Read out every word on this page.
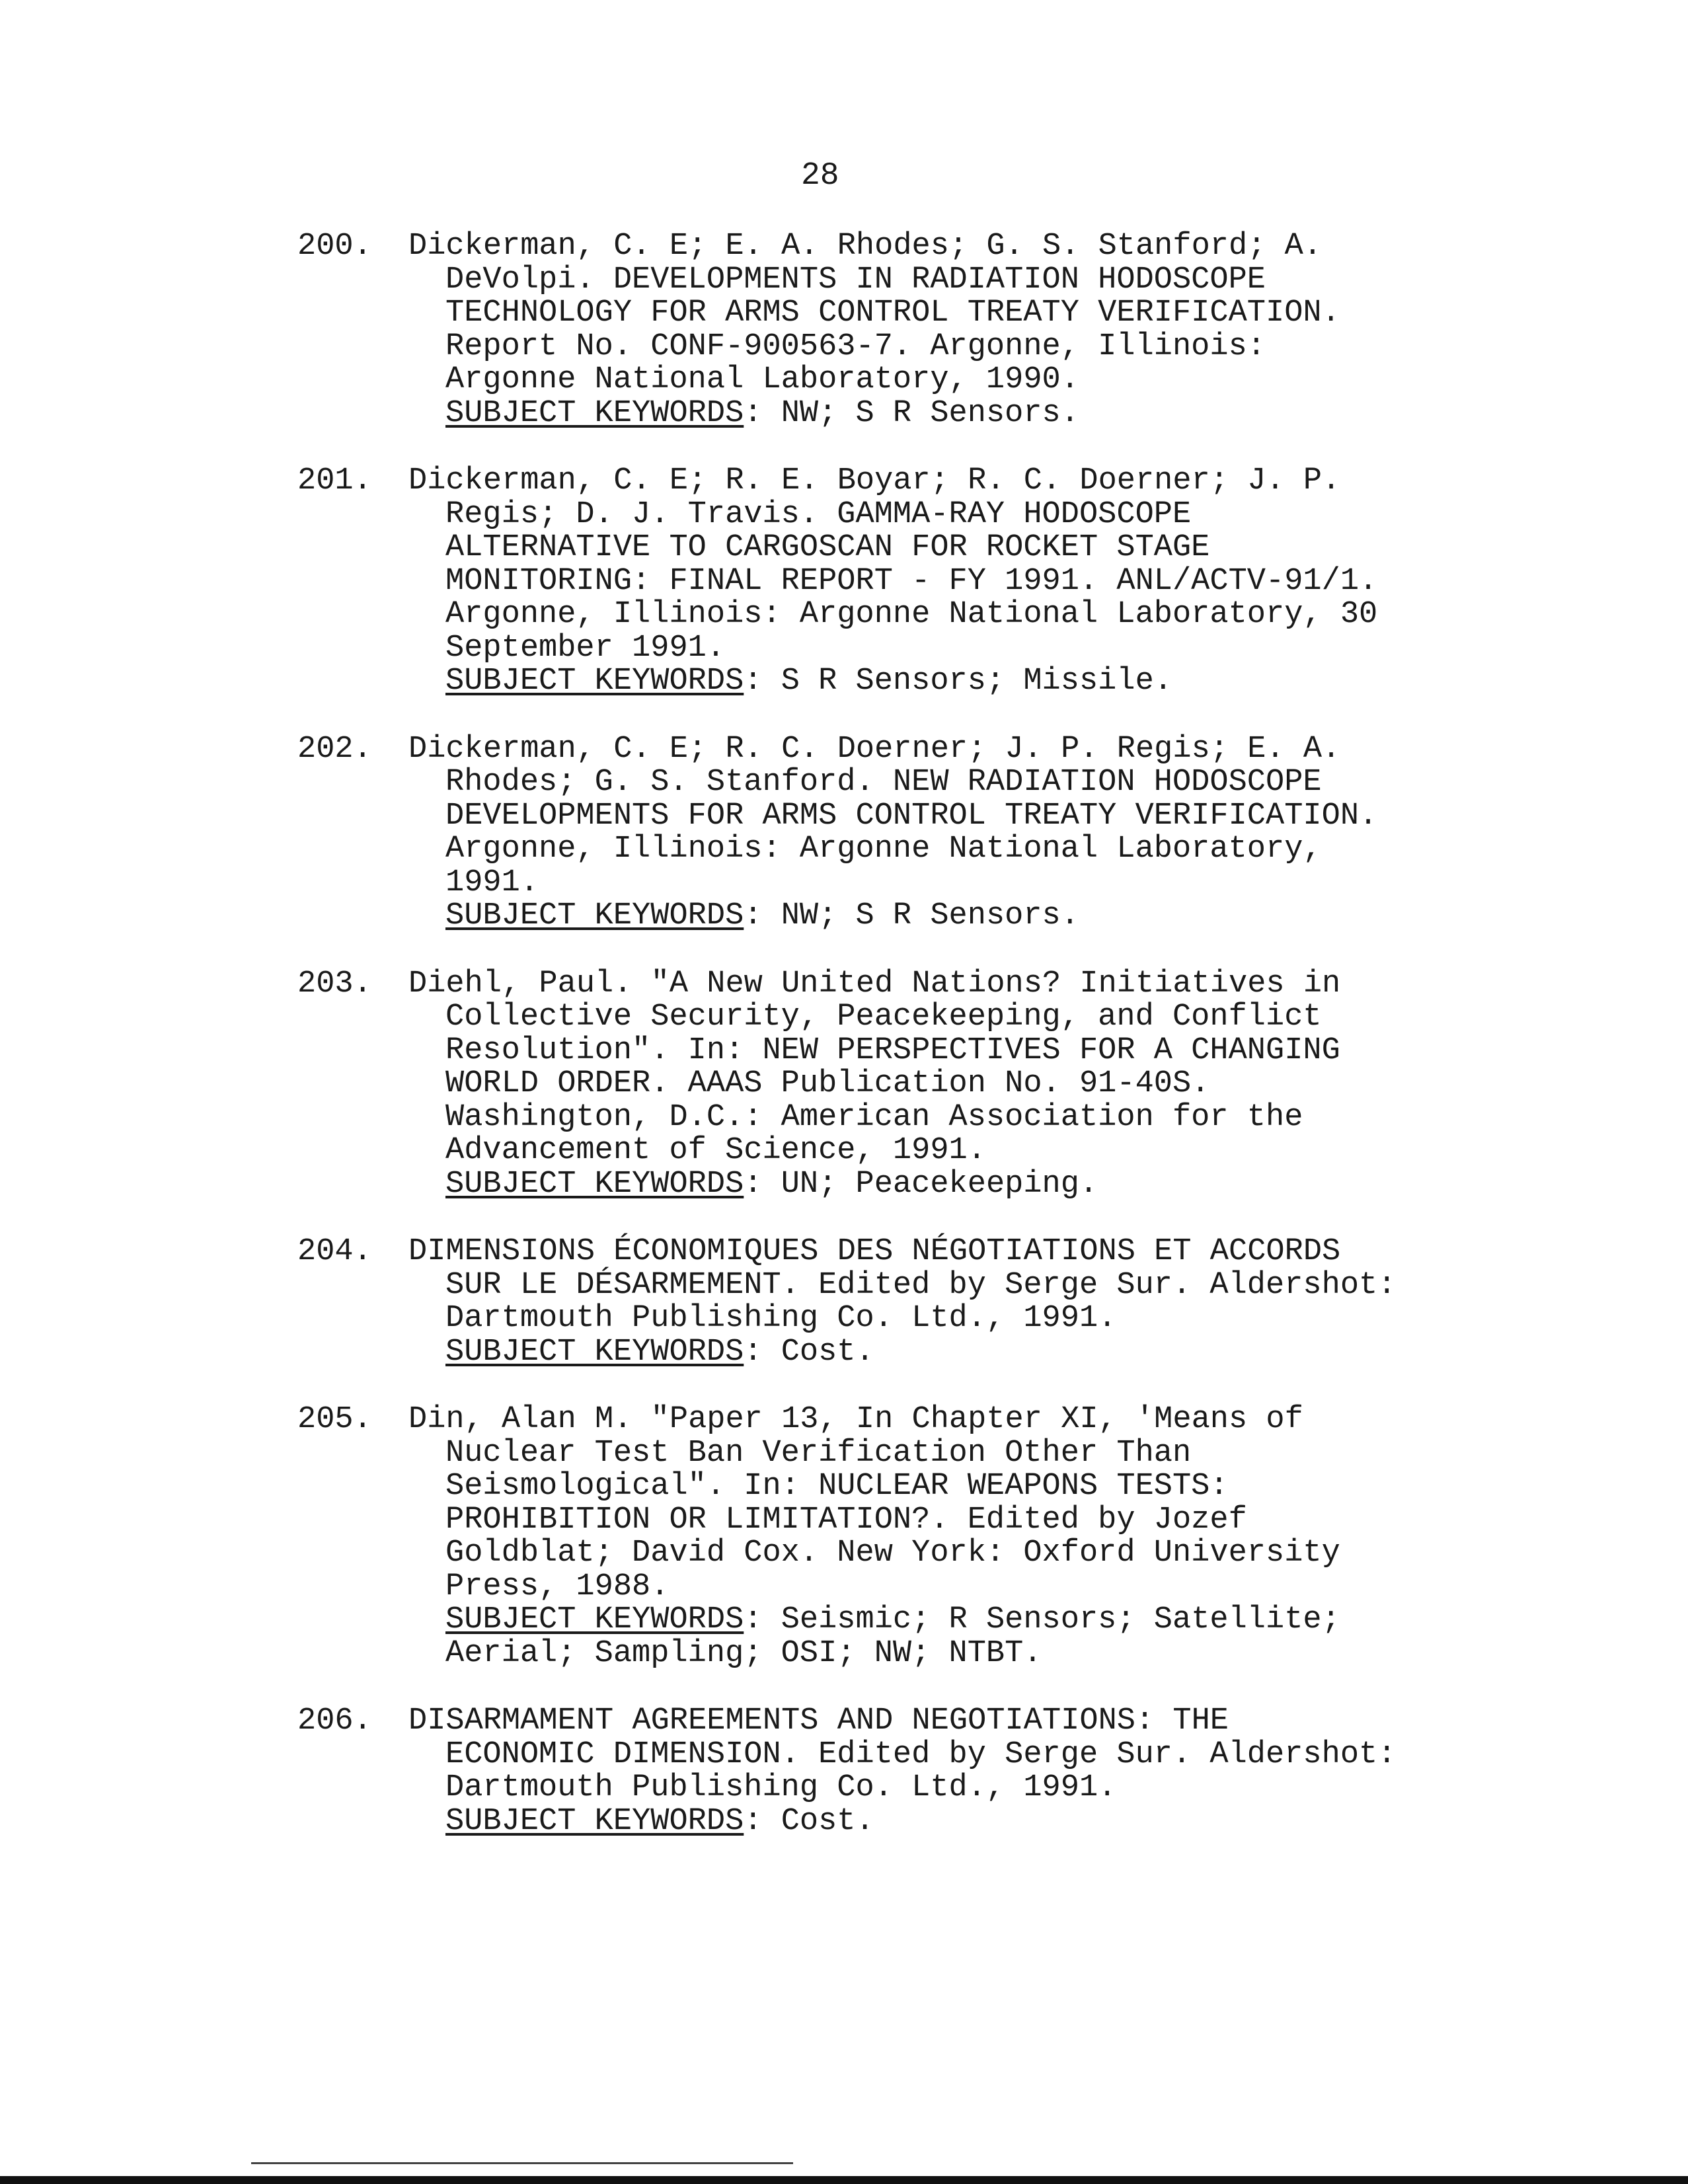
28
200. Dickerman, C. E; E. A. Rhodes; G. S. Stanford; A.
DeVolpi. DEVELOPMENTS IN RADIATION HODOSCOPE
TECHNOLOGY FOR ARMS CONTROL TREATY VERIFICATION.
Report No. CONF-900563-7. Argonne, Illinois:
Argonne National Laboratory, 1990.
SUBJECT KEYWORDS: NW; S R Sensors.
201. Dickerman, C. E; R. E. Boyar; R. C. Doerner; J. P.
Regis; D. J. Travis. GAMMA-RAY HODOSCOPE
ALTERNATIVE TO CARGOSCAN FOR ROCKET STAGE
MONITORING: FINAL REPORT - FY 1991. ANL/ACTV-91/1.
Argonne, Illinois: Argonne National Laboratory, 30
September 1991.
SUBJECT KEYWORDS: S R Sensors; Missile.
202. Dickerman, C. E; R. C. Doerner; J. P. Regis; E. A.
Rhodes; G. S. Stanford. NEW RADIATION HODOSCOPE
DEVELOPMENTS FOR ARMS CONTROL TREATY VERIFICATION.
Argonne, Illinois: Argonne National Laboratory,
1991.
SUBJECT KEYWORDS: NW; S R Sensors.
203. Diehl, Paul. "A New United Nations? Initiatives in
Collective Security, Peacekeeping, and Conflict
Resolution". In: NEW PERSPECTIVES FOR A CHANGING
WORLD ORDER. AAAS Publication No. 91-40S.
Washington, D.C.: American Association for the
Advancement of Science, 1991.
SUBJECT KEYWORDS: UN; Peacekeeping.
204. DIMENSIONS ÉCONOMIQUES DES NÉGOTIATIONS ET ACCORDS
SUR LE DÉSARMEMENT. Edited by Serge Sur. Aldershot:
Dartmouth Publishing Co. Ltd., 1991.
SUBJECT KEYWORDS: Cost.
205. Din, Alan M. "Paper 13, In Chapter XI, 'Means of
Nuclear Test Ban Verification Other Than
Seismological". In: NUCLEAR WEAPONS TESTS:
PROHIBITION OR LIMITATION?. Edited by Jozef
Goldblat; David Cox. New York: Oxford University
Press, 1988.
SUBJECT KEYWORDS: Seismic; R Sensors; Satellite;
Aerial; Sampling; OSI; NW; NTBT.
206. DISARMAMENT AGREEMENTS AND NEGOTIATIONS: THE
ECONOMIC DIMENSION. Edited by Serge Sur. Aldershot:
Dartmouth Publishing Co. Ltd., 1991.
SUBJECT KEYWORDS: Cost.
